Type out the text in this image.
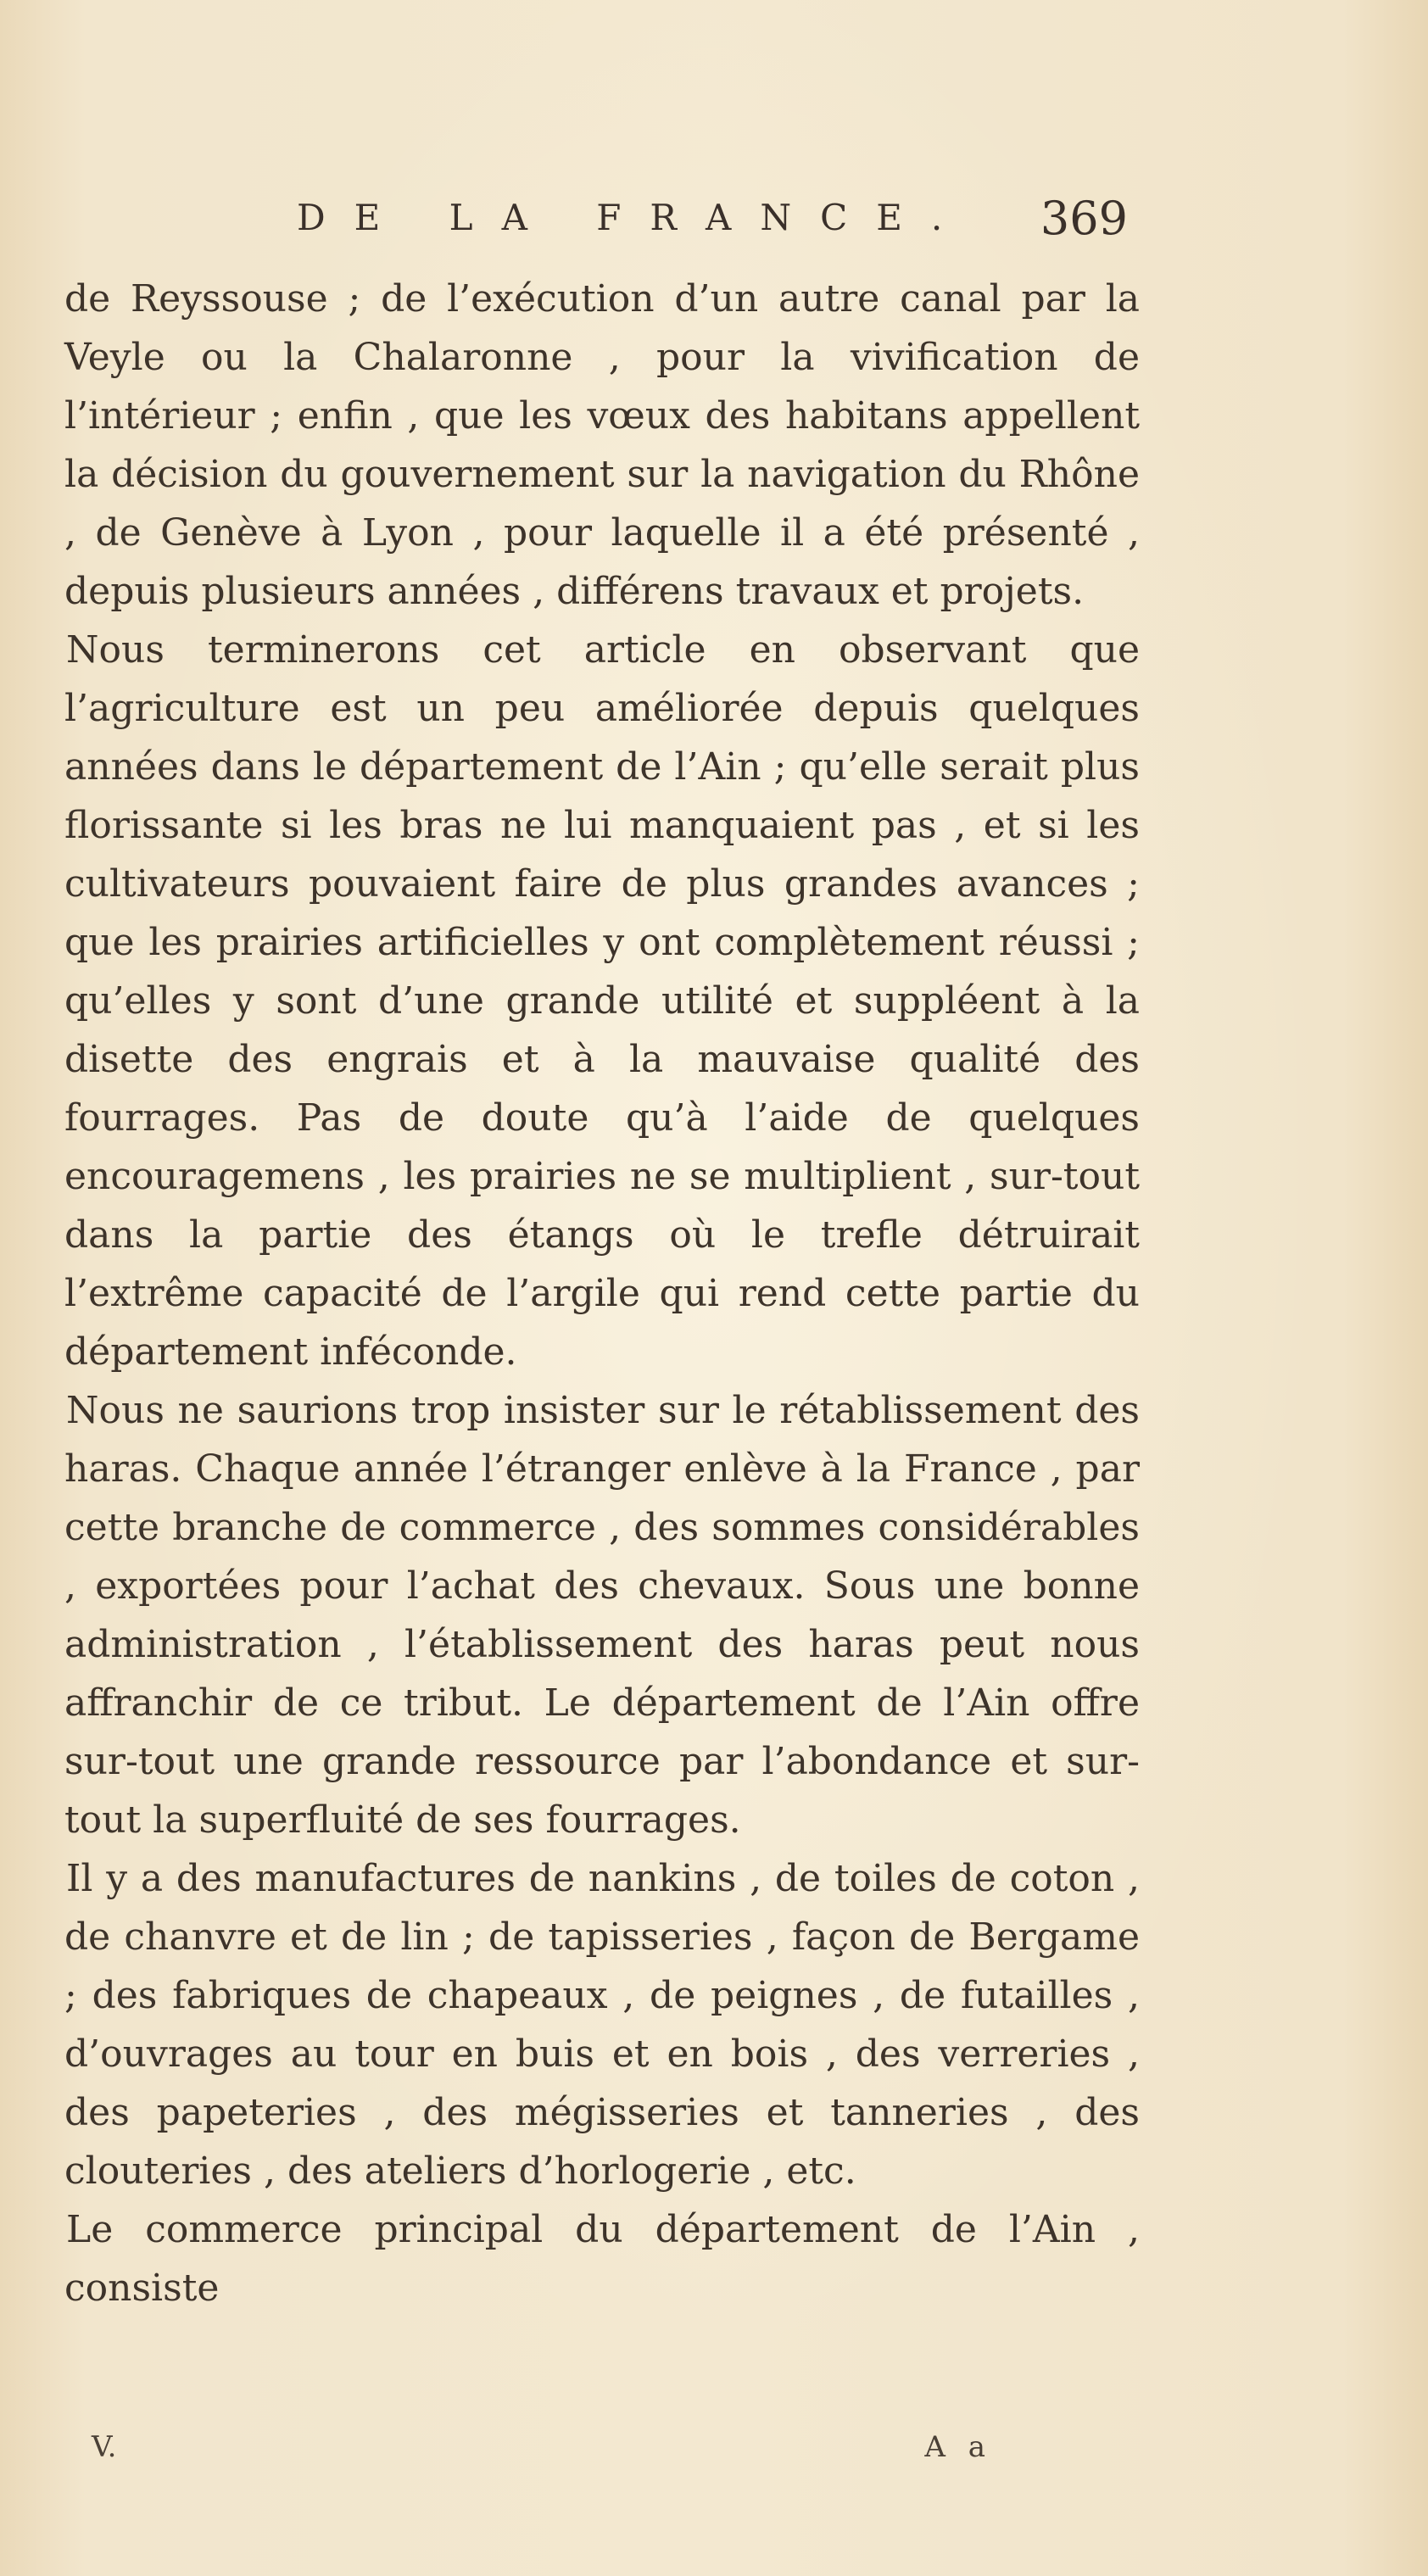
DE LA FRANCE. 369

de Reyssouse ; de l’exécution d’un autre canal par la Veyle ou la Chalaronne , pour la vivification de l’intérieur ; enfin , que les vœux des habitans appellent la décision du gouvernement sur la navigation du Rhône , de Genève à Lyon , pour laquelle il a été présenté , depuis plusieurs années , différens travaux et projets.

Nous terminerons cet article en observant que l’agriculture est un peu améliorée depuis quelques années dans le département de l’Ain ; qu’elle serait plus florissante si les bras ne lui manquaient pas , et si les cultivateurs pouvaient faire de plus grandes avances ; que les prairies artificielles y ont complètement réussi ; qu’elles y sont d’une grande utilité et suppléent à la disette des engrais et à la mauvaise qualité des fourrages. Pas de doute qu’à l’aide de quelques encouragemens , les prairies ne se multiplient , sur-tout dans la partie des étangs où le trefle détruirait l’extrême capacité de l’argile qui rend cette partie du département inféconde.

Nous ne saurions trop insister sur le rétablissement des haras. Chaque année l’étranger enlève à la France , par cette branche de commerce , des sommes considérables , exportées pour l’achat des chevaux. Sous une bonne administration , l’établissement des haras peut nous affranchir de ce tribut. Le département de l’Ain offre sur-tout une grande ressource par l’abondance et sur-tout la superfluité de ses fourrages.

Il y a des manufactures de nankins , de toiles de coton , de chanvre et de lin ; de tapisseries , façon de Bergame ; des fabriques de chapeaux , de peignes , de futailles , d’ouvrages au tour en buis et en bois , des verreries , des papeteries , des mégisseries et tanneries , des clouteries , des ateliers d’horlogerie , etc.

Le commerce principal du département de l’Ain , consiste

V.	A a
